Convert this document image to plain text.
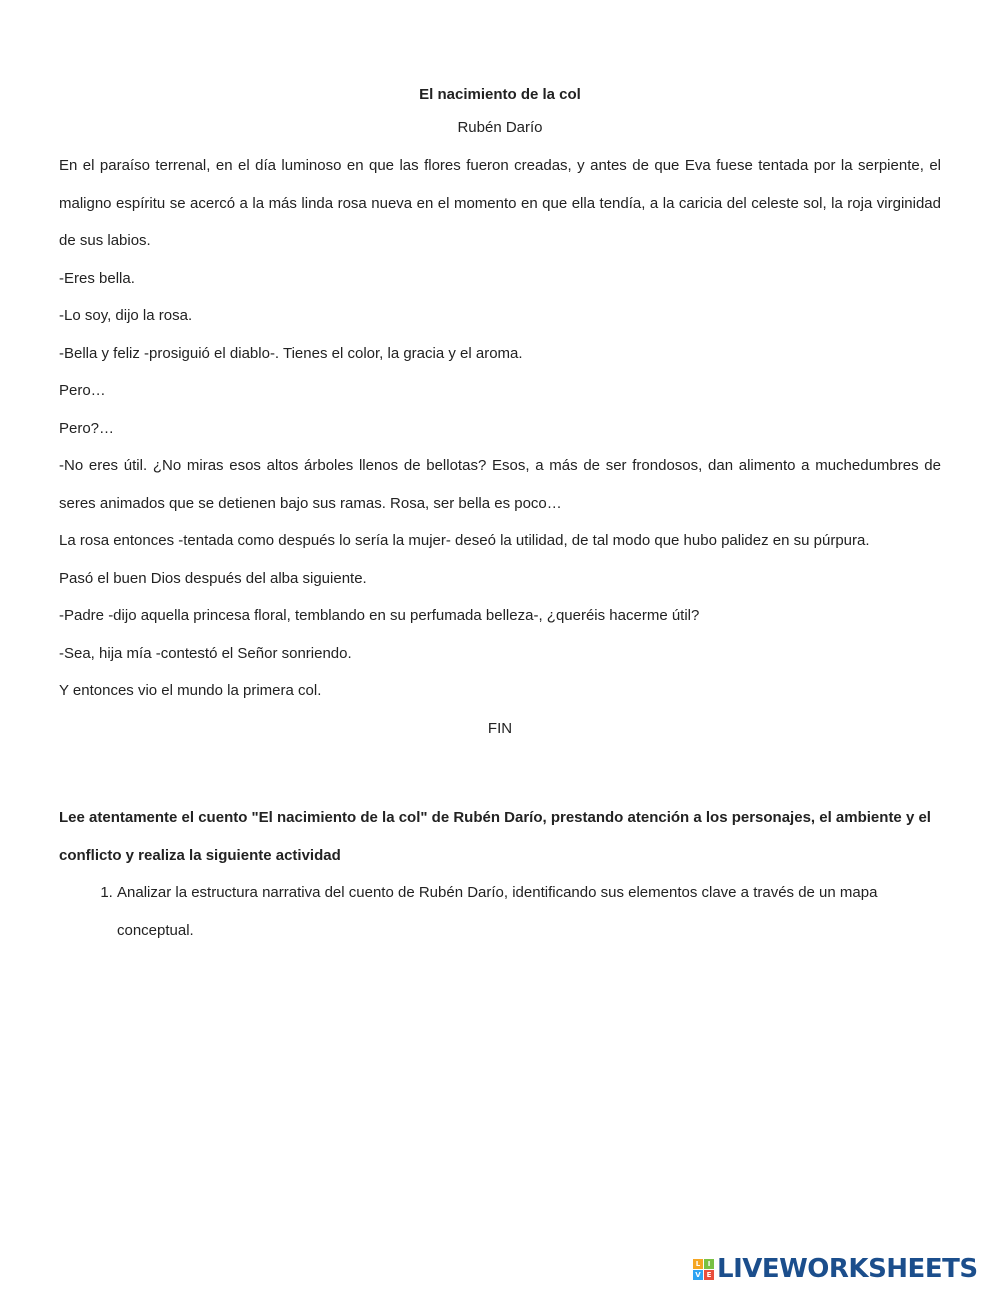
El nacimiento de la col

Rubén Darío

En el paraíso terrenal, en el día luminoso en que las flores fueron creadas, y antes de que Eva fuese tentada por la serpiente, el maligno espíritu se acercó a la más linda rosa nueva en el momento en que ella tendía, a la caricia del celeste sol, la roja virginidad de sus labios.

-Eres bella.

-Lo soy, dijo la rosa.

-Bella y feliz -prosiguió el diablo-. Tienes el color, la gracia y el aroma.

Pero…

Pero?…

-No eres útil. ¿No miras esos altos árboles llenos de bellotas? Esos, a más de ser frondosos, dan alimento a muchedumbres de seres animados que se detienen bajo sus ramas. Rosa, ser bella es poco…

La rosa entonces -tentada como después lo sería la mujer- deseó la utilidad, de tal modo que hubo palidez en su púrpura.

Pasó el buen Dios después del alba siguiente.

-Padre -dijo aquella princesa floral, temblando en su perfumada belleza-, ¿queréis hacerme útil?

-Sea, hija mía -contestó el Señor sonriendo.

Y entonces vio el mundo la primera col.

FIN

Lee atentamente el cuento "El nacimiento de la col" de Rubén Darío, prestando atención a los personajes, el ambiente y el conflicto y realiza la siguiente actividad

1. Analizar la estructura narrativa del cuento de Rubén Darío, identificando sus elementos clave a través de un mapa conceptual.
L	I
V E LIVEWORKSHEETS
